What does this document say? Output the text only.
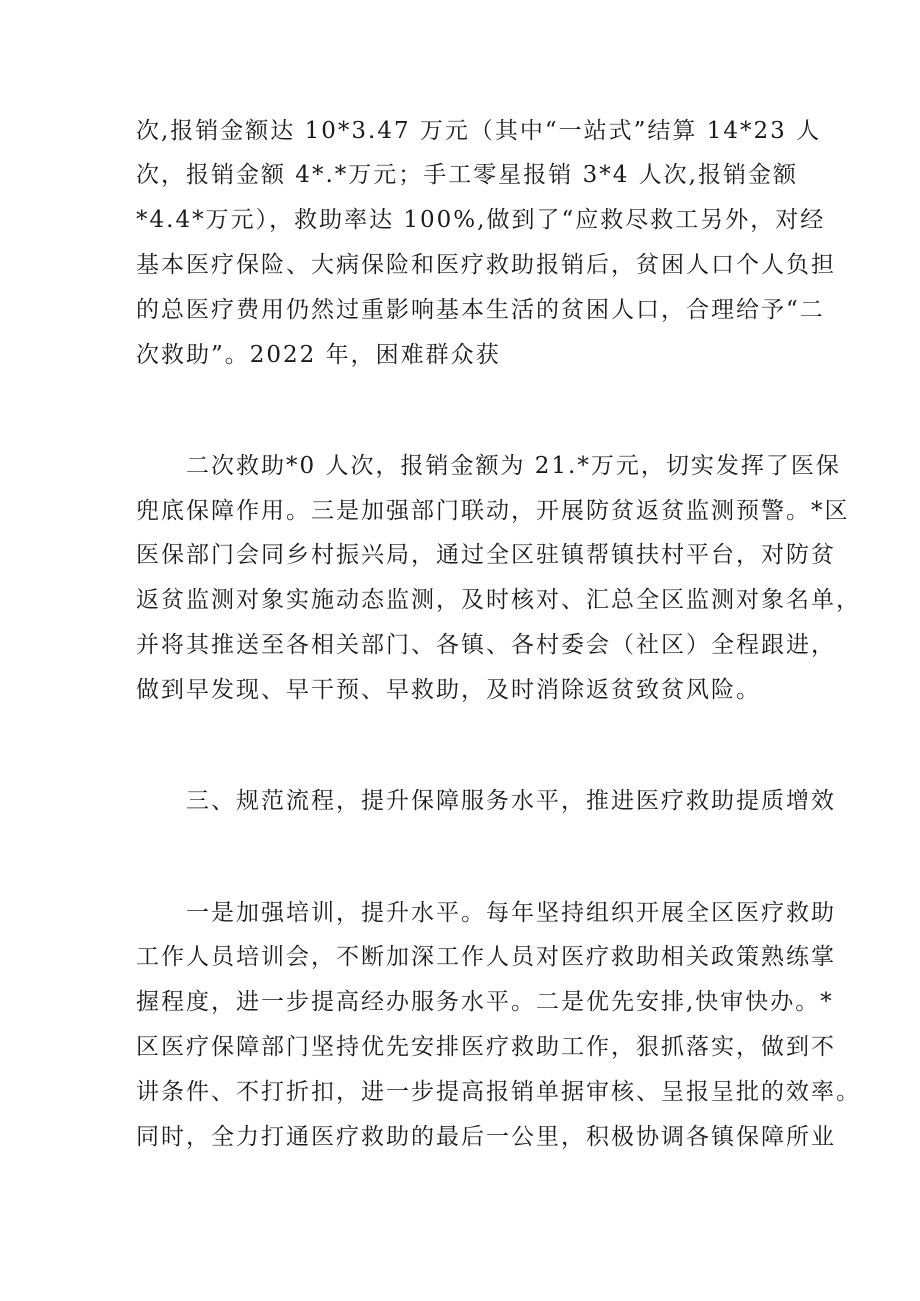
次,报销金额达 10*3.47 万元（其中“一站式”结算 14*23 人
次，报销金额 4*.*万元；手工零星报销 3*4 人次,报销金额
*4.4*万元），救助率达 100%,做到了“应救尽救工另外，对经
基本医疗保险、大病保险和医疗救助报销后，贫困人口个人负担
的总医疗费用仍然过重影响基本生活的贫困人口，合理给予“二
次救助”。2022 年，困难群众获
二次救助*0 人次，报销金额为 21.*万元，切实发挥了医保
兜底保障作用。三是加强部门联动，开展防贫返贫监测预警。*区
医保部门会同乡村振兴局，通过全区驻镇帮镇扶村平台，对防贫
返贫监测对象实施动态监测，及时核对、汇总全区监测对象名单，
并将其推送至各相关部门、各镇、各村委会（社区）全程跟进，
做到早发现、早干预、早救助，及时消除返贫致贫风险。
三、规范流程，提升保障服务水平，推进医疗救助提质增效
一是加强培训，提升水平。每年坚持组织开展全区医疗救助
工作人员培训会，不断加深工作人员对医疗救助相关政策熟练掌
握程度，进一步提高经办服务水平。二是优先安排,快审快办。*
区医疗保障部门坚持优先安排医疗救助工作，狠抓落实，做到不
讲条件、不打折扣，进一步提高报销单据审核、呈报呈批的效率。
同时，全力打通医疗救助的最后一公里，积极协调各镇保障所业
